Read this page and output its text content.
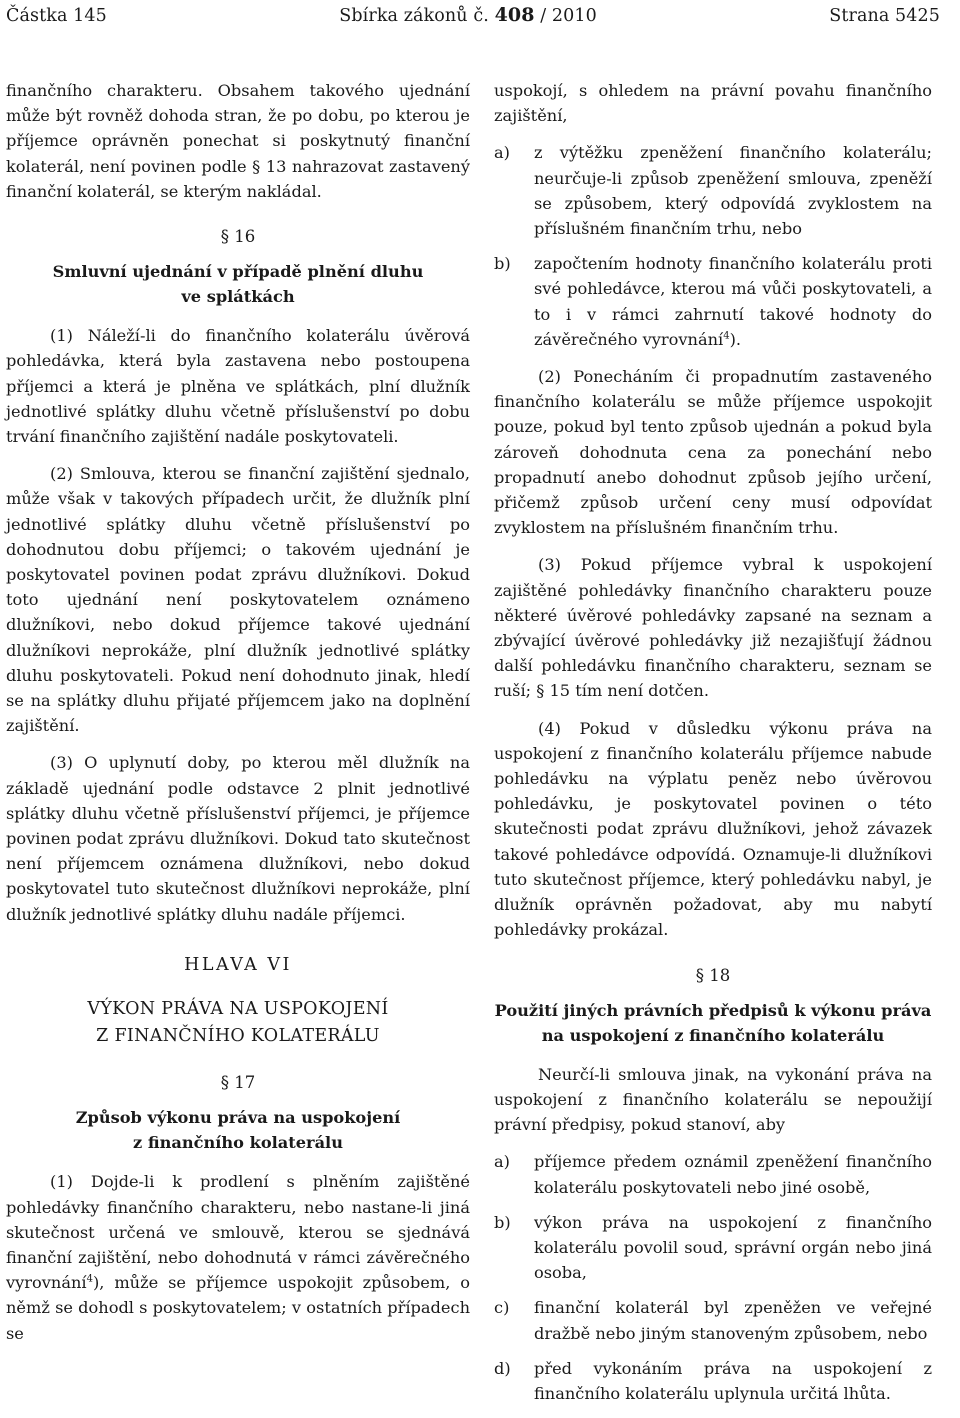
Částka 145	Sbírka zákonů č. 408 / 2010	Strana 5425

finančního charakteru. Obsahem takového ujednání může být rovněž dohoda stran, že po dobu, po kterou je příjemce oprávněn ponechat si poskytnutý finanční kolaterál, není povinen podle § 13 nahrazovat zastavený finanční kolaterál, se kterým nakládal.

§ 16
Smluvní ujednání v případě plnění dluhu
ve splátkách

(1) Náleží-li do finančního kolaterálu úvěrová pohledávka, která byla zastavena nebo postoupena příjemci a která je plněna ve splátkách, plní dlužník jednotlivé splátky dluhu včetně příslušenství po dobu trvání finančního zajištění nadále poskytovateli.

(2) Smlouva, kterou se finanční zajištění sjednalo, může však v takových případech určit, že dlužník plní jednotlivé splátky dluhu včetně příslušenství po dohodnutou dobu příjemci; o takovém ujednání je poskytovatel povinen podat zprávu dlužníkovi. Dokud toto ujednání není poskytovatelem oznámeno dlužníkovi, nebo dokud příjemce takové ujednání dlužníkovi neprokáže, plní dlužník jednotlivé splátky dluhu poskytovateli. Pokud není dohodnuto jinak, hledí se na splátky dluhu přijaté příjemcem jako na doplnění zajištění.

(3) O uplynutí doby, po kterou měl dlužník na základě ujednání podle odstavce 2 plnit jednotlivé splátky dluhu včetně příslušenství příjemci, je příjemce povinen podat zprávu dlužníkovi. Dokud tato skutečnost není příjemcem oznámena dlužníkovi, nebo dokud poskytovatel tuto skutečnost dlužníkovi neprokáže, plní dlužník jednotlivé splátky dluhu nadále příjemci.

HLAVA VI
VÝKON PRÁVA NA USPOKOJENÍ
Z FINANČNÍHO KOLATERÁLU
§ 17
Způsob výkonu práva na uspokojení
z finančního kolaterálu

(1) Dojde-li k prodlení s plněním zajištěné pohledávky finančního charakteru, nebo nastane-li jiná skutečnost určená ve smlouvě, kterou se sjednává finanční zajištění, nebo dohodnutá v rámci závěrečného vyrovnání$^4$), může se příjemce uspokojit způsobem, o němž se dohodl s poskytovatelem; v ostatních případech se

uspokojí, s ohledem na právní povahu finančního zajištění,

a)	z výtěžku zpeněžení finančního kolaterálu; neurčuje-li způsob zpeněžení smlouva, zpeněží se způsobem, který odpovídá zvyklostem na příslušném finančním trhu, nebo
b)	započtením hodnoty finančního kolaterálu proti své pohledávce, kterou má vůči poskytovateli, a to i v rámci zahrnutí takové hodnoty do závěrečného vyrovnání$^4$).

(2) Ponecháním či propadnutím zastaveného finančního kolaterálu se může příjemce uspokojit pouze, pokud byl tento způsob ujednán a pokud byla zároveň dohodnuta cena za ponechání nebo propadnutí anebo dohodnut způsob jejího určení, přičemž způsob určení ceny musí odpovídat zvyklostem na příslušném finančním trhu.

(3) Pokud příjemce vybral k uspokojení zajištěné pohledávky finančního charakteru pouze některé úvěrové pohledávky zapsané na seznam a zbývající úvěrové pohledávky již nezajišťují žádnou další pohledávku finančního charakteru, seznam se ruší; § 15 tím není dotčen.

(4) Pokud v důsledku výkonu práva na uspokojení z finančního kolaterálu příjemce nabude pohledávku na výplatu peněz nebo úvěrovou pohledávku, je poskytovatel povinen o této skutečnosti podat zprávu dlužníkovi, jehož závazek takové pohledávce odpovídá. Oznamuje-li dlužníkovi tuto skutečnost příjemce, který pohledávku nabyl, je dlužník oprávněn požadovat, aby mu nabytí pohledávky prokázal.

§ 18
Použití jiných právních předpisů k výkonu práva
na uspokojení z finančního kolaterálu

Neurčí-li smlouva jinak, na vykonání práva na uspokojení z finančního kolaterálu se nepoužijí právní předpisy, pokud stanoví, aby

a)	příjemce předem oznámil zpeněžení finančního kolaterálu poskytovateli nebo jiné osobě,
b)	výkon práva na uspokojení z finančního kolaterálu povolil soud, správní orgán nebo jiná osoba,
c)	finanční kolaterál byl zpeněžen ve veřejné dražbě nebo jiným stanoveným způsobem, nebo
d)	před vykonáním práva na uspokojení z finančního kolaterálu uplynula určitá lhůta.
